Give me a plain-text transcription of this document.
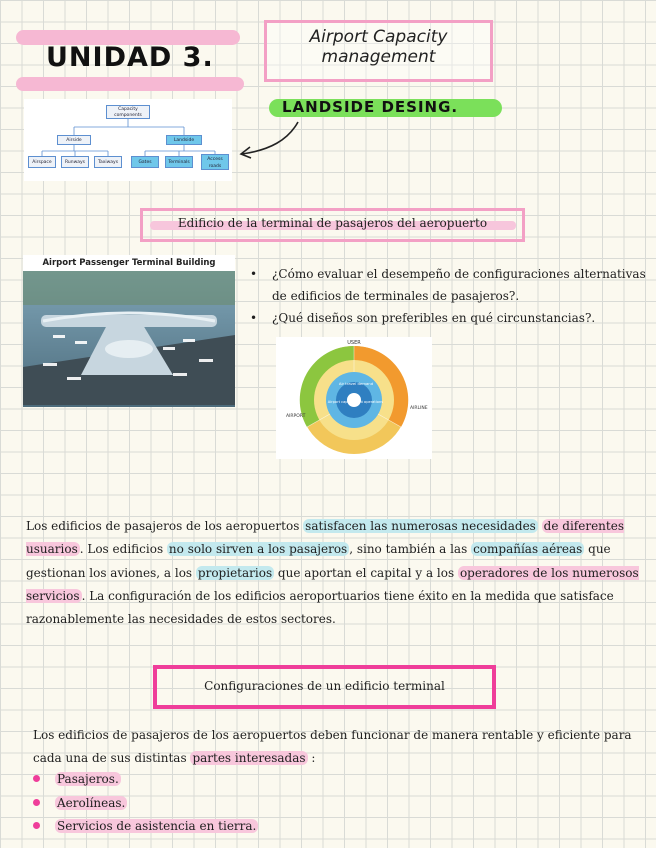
UNIDAD 3.
Airport Capacity
management
LANDSIDE DESING.
Capacity components
Airside	Landside
Airspace	Runways	Taxiways	Gates	Terminals
Access roads
Edificio de la terminal de pasajeros del aeropuerto
Airport Passenger Terminal Building
• ¿Cómo evaluar el desempeño de configuraciones alternativas de edificios de terminales de pasajeros?.
• ¿Qué diseños son preferibles en qué circunstancias?.
USER
AIRPORT
AIRLINE
Air travel demand
Airport capacity
Flight operations

Los edificios de pasajeros de los aeropuertos satisfacen las numerosas necesidades de diferentes usuarios . Los edificios no solo sirven a los pasajeros , sino también a las compañías aéreas que gestionan los aviones, a los propietarios que aportan el capital y a los operadores de los numerosos servicios . La configuración de los edificios aeroportuarios tiene éxito en la medida que satisface razonablemente las necesidades de estos sectores.

Configuraciones de un edificio terminal

Los edificios de pasajeros de los aeropuertos deben funcionar de manera rentable y eficiente para cada una de sus distintas partes interesadas :

Pasajeros.
Aerolíneas.
Servicios de asistencia en tierra.
